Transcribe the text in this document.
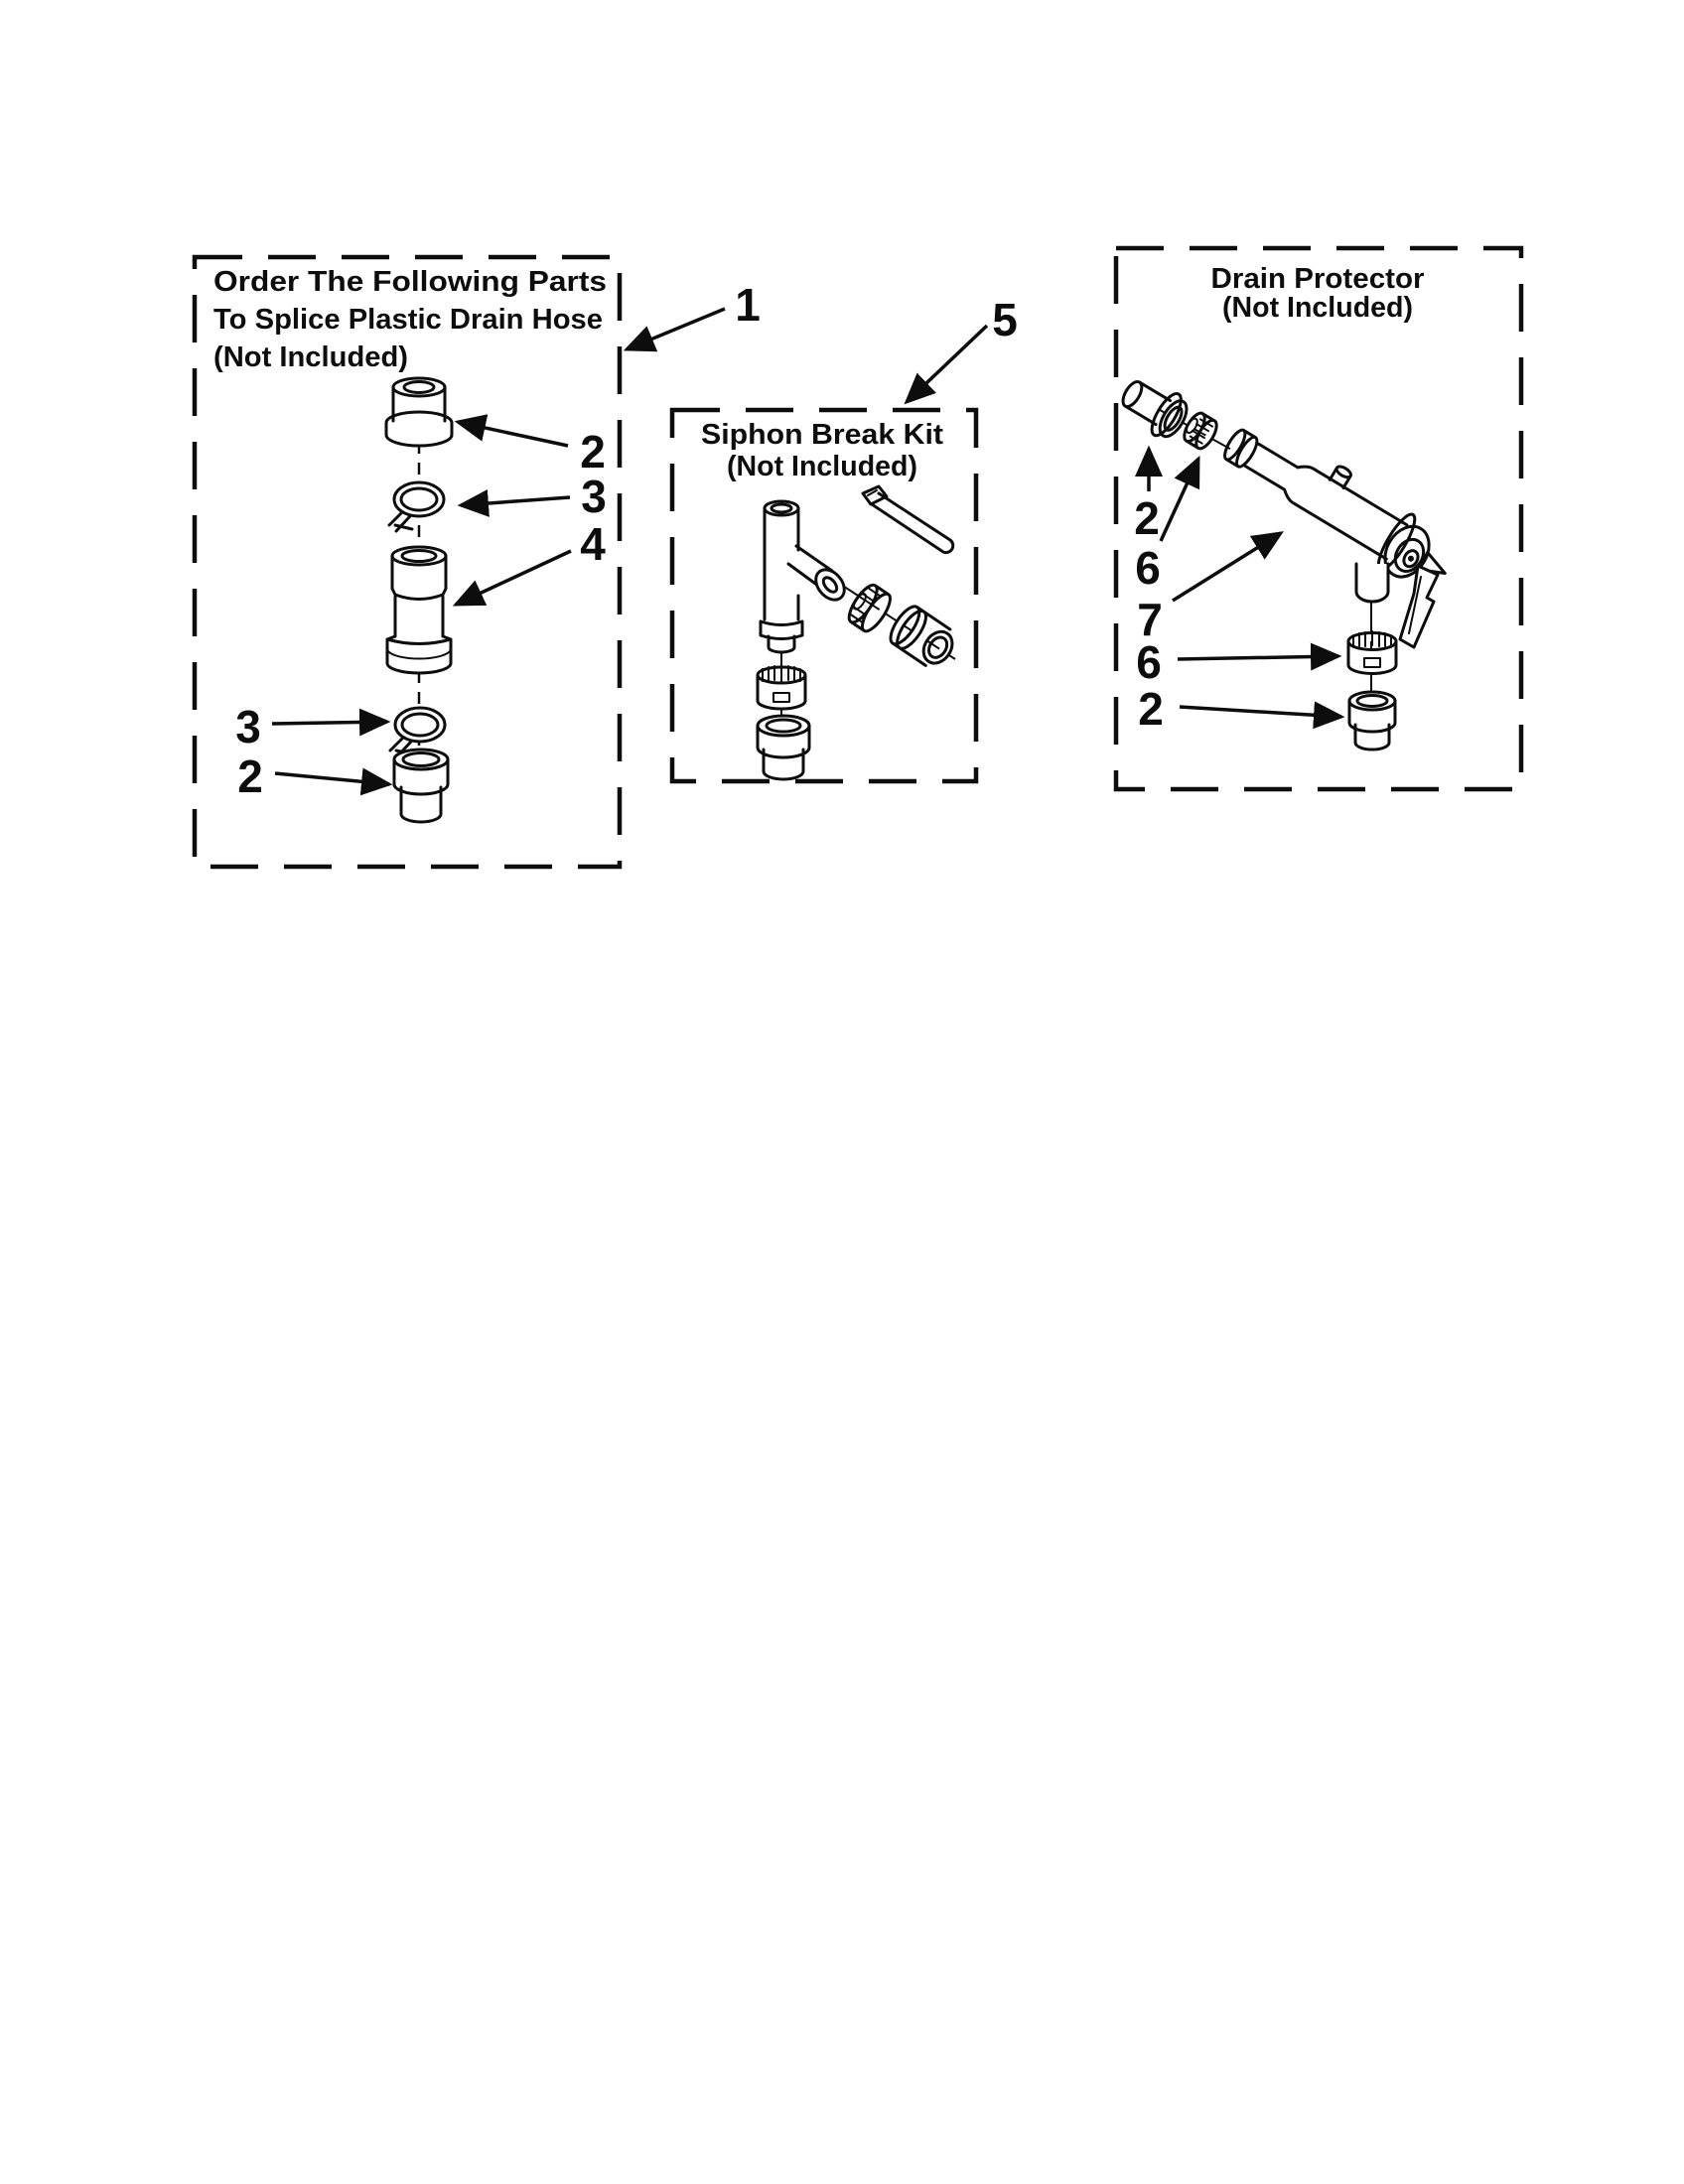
Order The Following Parts
To Splice Plastic Drain Hose
(Not Included)
2
3
4
3
2
1	5
Siphon Break Kit
(Not Included)
Drain Protector
(Not Included)
2
6
7
6
2
